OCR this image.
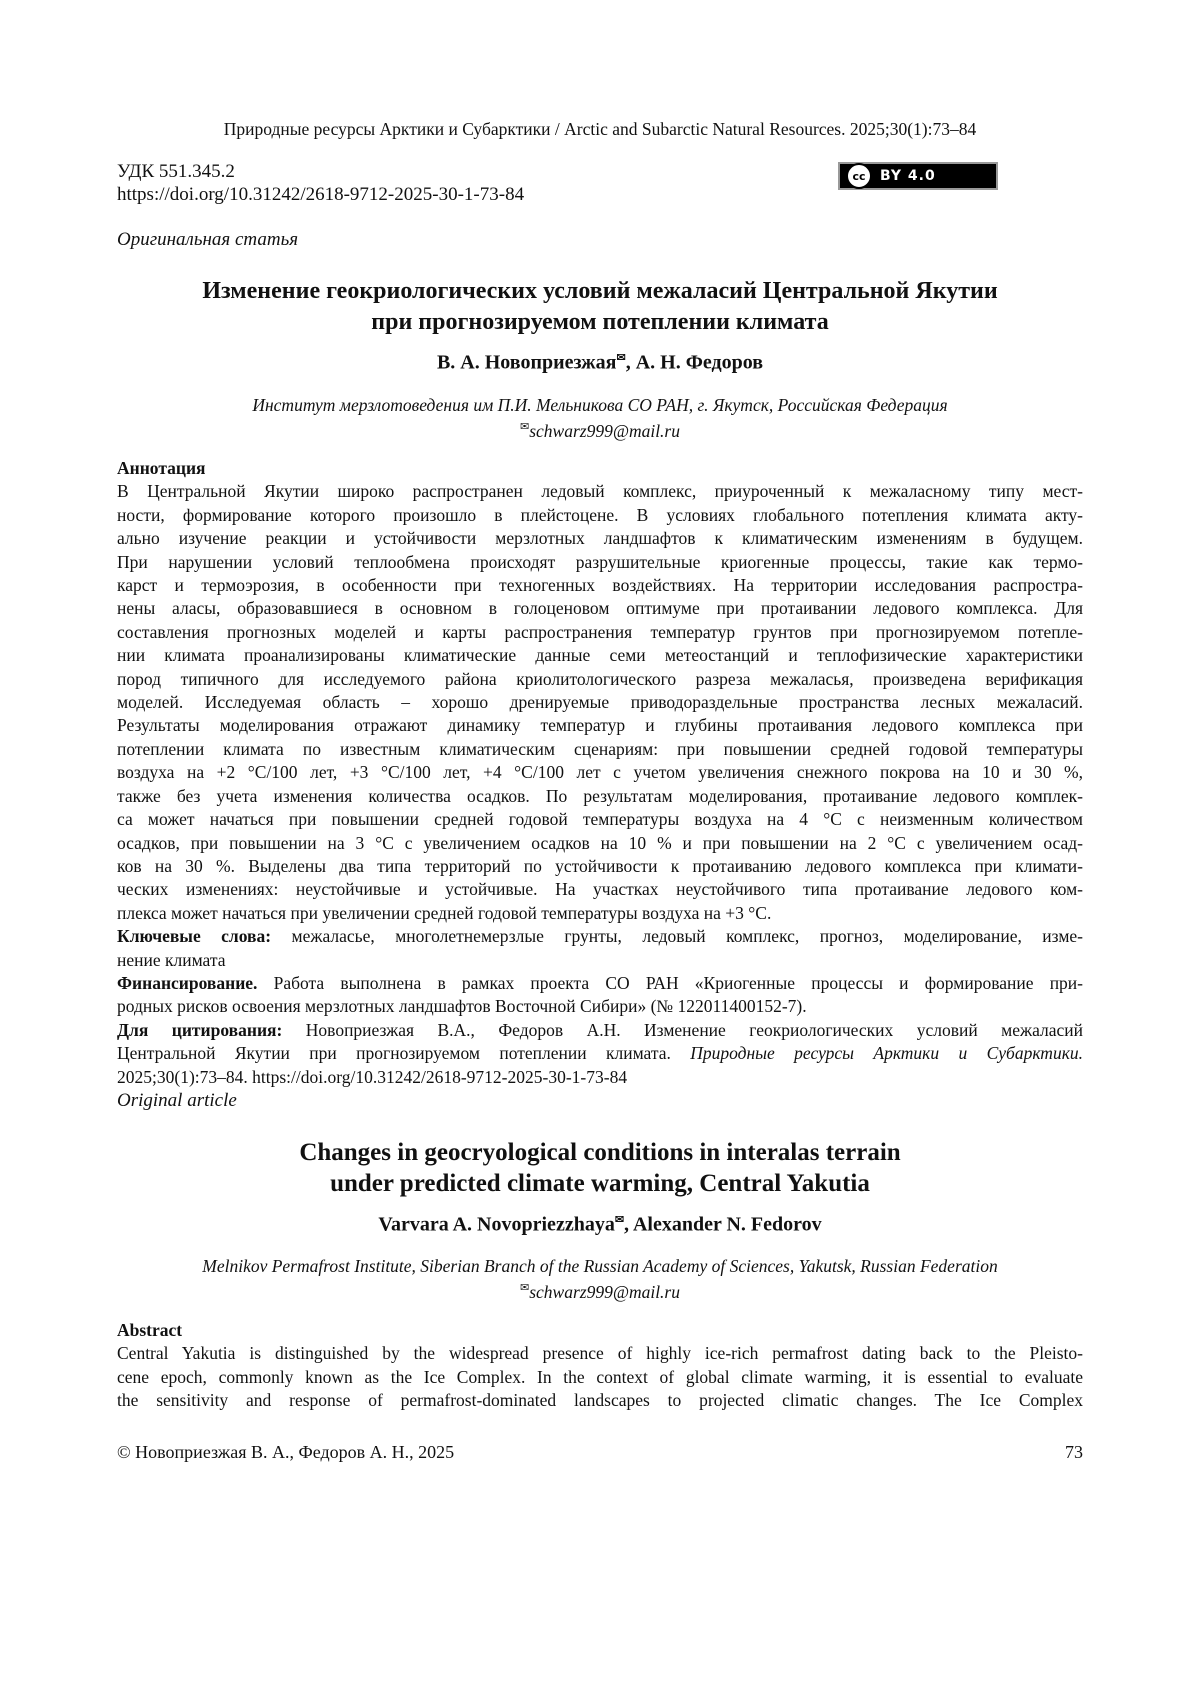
Природные ресурсы Арктики и Субарктики / Arctic and Subarctic Natural Resources. 2025;30(1):73–84
УДК 551.345.2
https://doi.org/10.31242/2618-9712-2025-30-1-73-84
cc	BY 4.0
Оригинальная статья
Изменение геокриологических условий межаласий Центральной Якутии
при прогнозируемом потеплении климата
В. А. Новоприезжая✉, А. Н. Федоров
Институт мерзлотоведения им П.И. Мельникова СО РАН, г. Якутск, Российская Федерация
✉schwarz999@mail.ru
Аннотация
В Центральной Якутии широко распространен ледовый комплекс, приуроченный к межаласному типу мест-
ности, формирование которого произошло в плейстоцене. В условиях глобального потепления климата акту-
ально изучение реакции и устойчивости мерзлотных ландшафтов к климатическим изменениям в будущем.
При нарушении условий теплообмена происходят разрушительные криогенные процессы, такие как термо-
карст и термоэрозия, в особенности при техногенных воздействиях. На территории исследования распростра-
нены аласы, образовавшиеся в основном в голоценовом оптимуме при протаивании ледового комплекса. Для
составления прогнозных моделей и карты распространения температур грунтов при прогнозируемом потепле-
нии климата проанализированы климатические данные семи метеостанций и теплофизические характеристики
пород типичного для исследуемого района криолитологического разреза межаласья, произведена верификация
моделей. Исследуемая область – хорошо дренируемые приводораздельные пространства лесных межаласий.
Результаты моделирования отражают динамику температур и глубины протаивания ледового комплекса при
потеплении климата по известным климатическим сценариям: при повышении средней годовой температуры
воздуха на +2 °С/100 лет, +3 °С/100 лет, +4 °С/100 лет с учетом увеличения снежного покрова на 10 и 30 %,
также без учета изменения количества осадков. По результатам моделирования, протаивание ледового комплек-
са может начаться при повышении средней годовой температуры воздуха на 4 °С с неизменным количеством
осадков, при повышении на 3 °С с увеличением осадков на 10 % и при повышении на 2 °С с увеличением осад-
ков на 30 %. Выделены два типа территорий по устойчивости к протаиванию ледового комплекса при климати-
ческих изменениях: неустойчивые и устойчивые. На участках неустойчивого типа протаивание ледового ком-
плекса может начаться при увеличении средней годовой температуры воздуха на +3 °С.
Ключевые слова: межаласье, многолетнемерзлые грунты, ледовый комплекс, прогноз, моделирование, изме-
нение климата
Финансирование. Работа выполнена в рамках проекта СО РАН «Криогенные процессы и формирование при-
родных рисков освоения мерзлотных ландшафтов Восточной Сибири» (№ 122011400152-7).
Для цитирования: Новоприезжая В.А., Федоров А.Н. Изменение геокриологических условий межаласий
Центральной Якутии при прогнозируемом потеплении климата. Природные ресурсы Арктики и Субарктики.
2025;30(1):73–84. https://doi.org/10.31242/2618-9712-2025-30-1-73-84
Original article
Changes in geocryological conditions in interalas terrain
under predicted climate warming, Central Yakutia
Varvara A. Novopriezzhaya✉, Alexander N. Fedorov
Melnikov Permafrost Institute, Siberian Branch of the Russian Academy of Sciences, Yakutsk, Russian Federation
✉schwarz999@mail.ru
Abstract
Central Yakutia is distinguished by the widespread presence of highly ice-rich permafrost dating back to the Pleisto-
cene epoch, commonly known as the Ice Complex. In the context of global climate warming, it is essential to evaluate
the sensitivity and response of permafrost-dominated landscapes to projected climatic changes. The Ice Complex
© Новоприезжая В. А., Федоров А. Н., 2025	73
